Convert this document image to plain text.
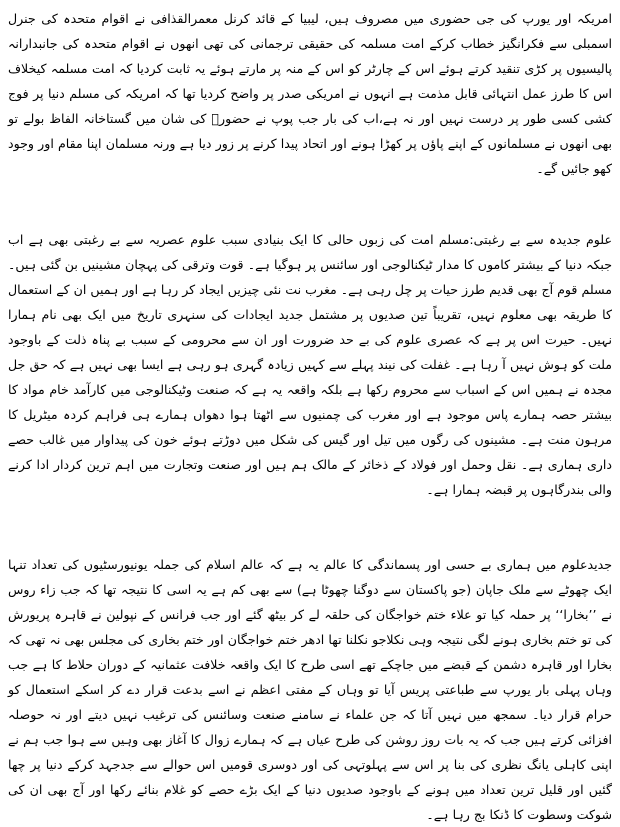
امریکہ اور یورپ کی جی حضوری میں مصروف ہیں، لیبیا کے قائد کرنل معمرالقذافی نے اقوام متحدہ کی جنرل اسمبلی سے فکرانگیز خطاب کرکے امت مسلمہ کی حقیقی ترجمانی کی تھی انھوں نے اقوام متحدہ کی جانبدارانہ پالیسیوں پر کڑی تنقید کرتے ہوئے اس کے چارٹر کو اس کے منہ پر مارتے ہوئے یہ ثابت کردیا کہ امت مسلمہ کیخلاف اس کا طرز عمل انتہائی قابل مذمت ہے انہوں نے امریکی صدر پر واضح کردیا تھا کہ امریکہ کی مسلم دنیا پر فوج کشی کسی طور پر درست نہیں اور نہ ہے،اب کی بار جب پوپ نے حضورؐ کی شان میں گستاخانہ الفاظ بولے تو بھی انھوں نے مسلمانوں کے اپنے پاؤں پر کھڑا ہونے اور اتحاد پیدا کرنے پر زور دیا ہے ورنہ مسلمان اپنا مقام اور وجود کھو جائیں گے۔

علوم جدیدہ سے بے رغبتی:مسلم امت کی زبوں حالی کا ایک بنیادی سبب علوم عصریہ سے بے رغبتی بھی ہے اب جبکہ دنیا کے بیشتر کاموں کا مدار ٹیکنالوجی اور سائنس پر ہوگیا ہے۔ قوت وترقی کی پہچان مشینیں بن گئی ہیں۔مسلم قوم آج بھی قدیم طرز حیات پر چل رہی ہے۔ مغرب نت نئی چیزیں ایجاد کر رہا ہے اور ہمیں ان کے استعمال کا طریقہ بھی معلوم نہیں، تقریباً تین صدیوں پر مشتمل جدید ایجادات کی سنہری تاریخ میں ایک بھی نام ہمارا نہیں۔ حیرت اس پر ہے کہ عصری علوم کی بے حد ضرورت اور ان سے محرومی کے سبب بے پناہ ذلت کے باوجود ملت کو ہوش نہیں آ رہا ہے۔ غفلت کی نیند پہلے سے کہیں زیادہ گہری ہو رہی ہے ایسا بھی نہیں ہے کہ حق جل مجدہ نے ہمیں اس کے اسباب سے محروم رکھا ہے بلکہ واقعہ یہ ہے کہ صنعت وٹیکنالوجی میں کارآمد خام مواد کا بیشتر حصہ ہمارے پاس موجود ہے اور مغرب کی چمنیوں سے اٹھتا ہوا دھواں ہمارے ہی فراہم کردہ میٹریل کا مرہون منت ہے۔ مشینوں کی رگوں میں تیل اور گیس کی شکل میں دوڑتے ہوئے خون کی پیداوار میں غالب حصے داری ہماری ہے۔ نقل وحمل اور فولاد کے ذخائر کے مالک ہم ہیں اور صنعت وتجارت میں اہم ترین کردار ادا کرنے والی بندرگاہوں پر قبضہ ہمارا ہے۔

جدیدعلوم میں ہماری بے حسی اور پسماندگی کا عالم یہ ہے کہ عالم اسلام کی جملہ یونیورسٹیوں کی تعداد تنہا ایک چھوٹے سے ملک جاپان (جو پاکستان سے دوگنا چھوٹا ہے) سے بھی کم ہے یہ اسی کا نتیجہ تھا کہ جب زاء روس نے ’’بخارا‘‘ پر حملہ کیا تو علاء ختم خواجگان کی حلقہ لے کر بیٹھ گئے اور جب فرانس کے نپولین نے قاہرہ پریورش کی تو ختم بخاری ہونے لگی نتیجہ وہی نکلاجو نکلنا تھا ادھر ختم خواجگان اور ختم بخاری کی مجلس بھی نہ تھی کہ بخارا اور قاہرہ دشمن کے قبضے میں جاچکے تھے اسی طرح کا ایک واقعہ خلافت عثمانیہ کے دوران حلاط کا ہے جب وہاں پہلی بار یورپ سے طباعتی پریس آیا تو وہاں کے مفتی اعظم نے اسے بدعت قرار دے کر اسکے استعمال کو حرام قرار دیا۔ سمجھ میں نہیں آتا کہ جن علماء نے سامنے صنعت وسائنس کی ترغیب نہیں دیتے اور نہ حوصلہ افزائی کرتے ہیں جب کہ یہ بات روز روشن کی طرح عیاں ہے کہ ہمارے زوال کا آغاز بھی وہیں سے ہوا جب ہم نے اپنی کاہلی یانگ نظری کی بنا پر اس سے پہلوتہی کی اور دوسری قومیں اس حوالے سے جدجہد کرکے دنیا پر چھا گئیں اور قلیل ترین تعداد میں ہونے کے باوجود صدیوں دنیا کے ایک بڑے حصے کو غلام بنائے رکھا اور آج بھی ان کی شوکت وسطوت کا ڈنکا بج رہا ہے۔
